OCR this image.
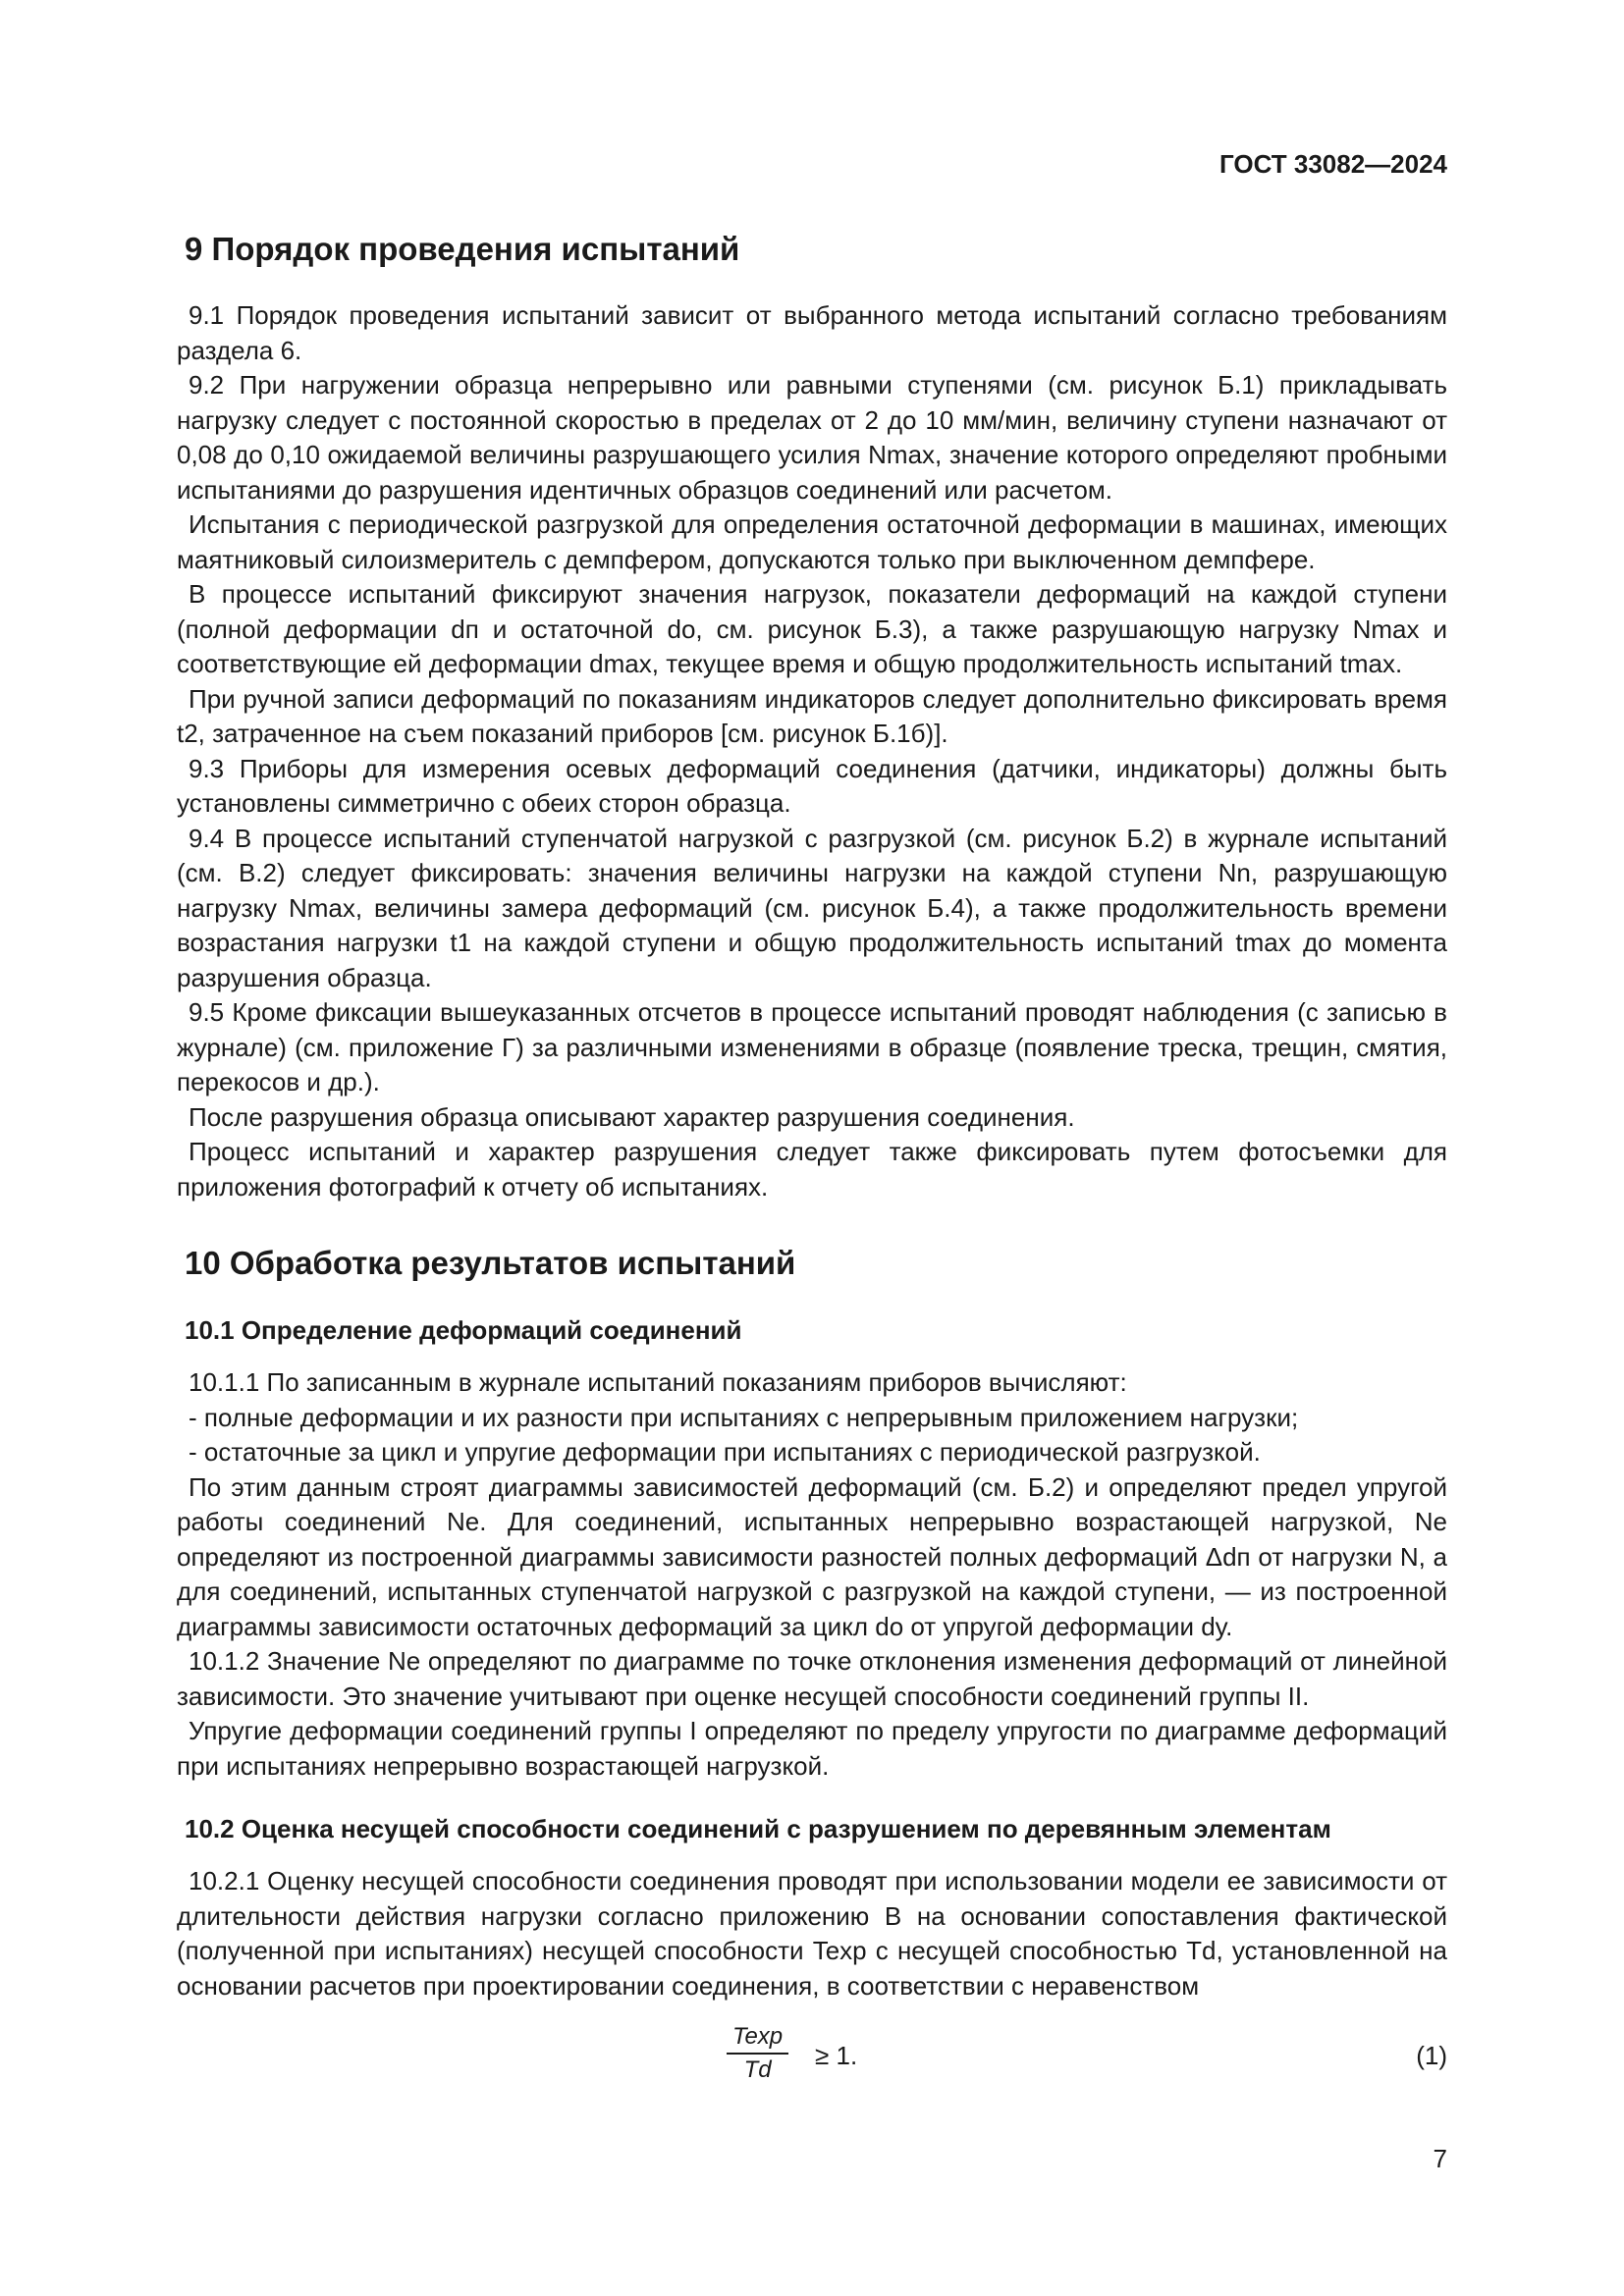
ГОСТ 33082—2024

9 Порядок проведения испытаний

9.1 Порядок проведения испытаний зависит от выбранного метода испытаний согласно требованиям раздела 6.

9.2 При нагружении образца непрерывно или равными ступенями (см. рисунок Б.1) прикладывать нагрузку следует с постоянной скоростью в пределах от 2 до 10 мм/мин, величину ступени назначают от 0,08 до 0,10 ожидаемой величины разрушающего усилия Nmax, значение которого определяют пробными испытаниями до разрушения идентичных образцов соединений или расчетом.

Испытания с периодической разгрузкой для определения остаточной деформации в машинах, имеющих маятниковый силоизмеритель с демпфером, допускаются только при выключенном демпфере.

В процессе испытаний фиксируют значения нагрузок, показатели деформаций на каждой ступени (полной деформации dп и остаточной dо, см. рисунок Б.3), а также разрушающую нагрузку Nmax и соответствующие ей деформации dmax, текущее время и общую продолжительность испытаний tmax.

При ручной записи деформаций по показаниям индикаторов следует дополнительно фиксировать время t2, затраченное на съем показаний приборов [см. рисунок Б.1б)].

9.3 Приборы для измерения осевых деформаций соединения (датчики, индикаторы) должны быть установлены симметрично с обеих сторон образца.

9.4 В процессе испытаний ступенчатой нагрузкой с разгрузкой (см. рисунок Б.2) в журнале испытаний (см. В.2) следует фиксировать: значения величины нагрузки на каждой ступени Nn, разрушающую нагрузку Nmax, величины замера деформаций (см. рисунок Б.4), а также продолжительность времени возрастания нагрузки t1 на каждой ступени и общую продолжительность испытаний tmax до момента разрушения образца.

9.5 Кроме фиксации вышеуказанных отсчетов в процессе испытаний проводят наблюдения (с записью в журнале) (см. приложение Г) за различными изменениями в образце (появление треска, трещин, смятия, перекосов и др.).

После разрушения образца описывают характер разрушения соединения.

Процесс испытаний и характер разрушения следует также фиксировать путем фотосъемки для приложения фотографий к отчету об испытаниях.

10 Обработка результатов испытаний
10.1 Определение деформаций соединений

10.1.1 По записанным в журнале испытаний показаниям приборов вычисляют:

- полные деформации и их разности при испытаниях с непрерывным приложением нагрузки;

- остаточные за цикл и упругие деформации при испытаниях с периодической разгрузкой.

По этим данным строят диаграммы зависимостей деформаций (см. Б.2) и определяют предел упругой работы соединений Ne. Для соединений, испытанных непрерывно возрастающей нагрузкой, Ne определяют из построенной диаграммы зависимости разностей полных деформаций Δdп от нагрузки N, а для соединений, испытанных ступенчатой нагрузкой с разгрузкой на каждой ступени, — из построенной диаграммы зависимости остаточных деформаций за цикл dо от упругой деформации dу.

10.1.2 Значение Ne определяют по диаграмме по точке отклонения изменения деформаций от линейной зависимости. Это значение учитывают при оценке несущей способности соединений группы II.

Упругие деформации соединений группы I определяют по пределу упругости по диаграмме деформаций при испытаниях непрерывно возрастающей нагрузкой.

10.2 Оценка несущей способности соединений с разрушением по деревянным элементам

10.2.1 Оценку несущей способности соединения проводят при использовании модели ее зависимости от длительности действия нагрузки согласно приложению В на основании сопоставления фактической (полученной при испытаниях) несущей способности Texp с несущей способностью Td, установленной на основании расчетов при проектировании соединения, в соответствии с неравенством

$\frac{Texp}{Td} \ge 1$.	(1)

7
